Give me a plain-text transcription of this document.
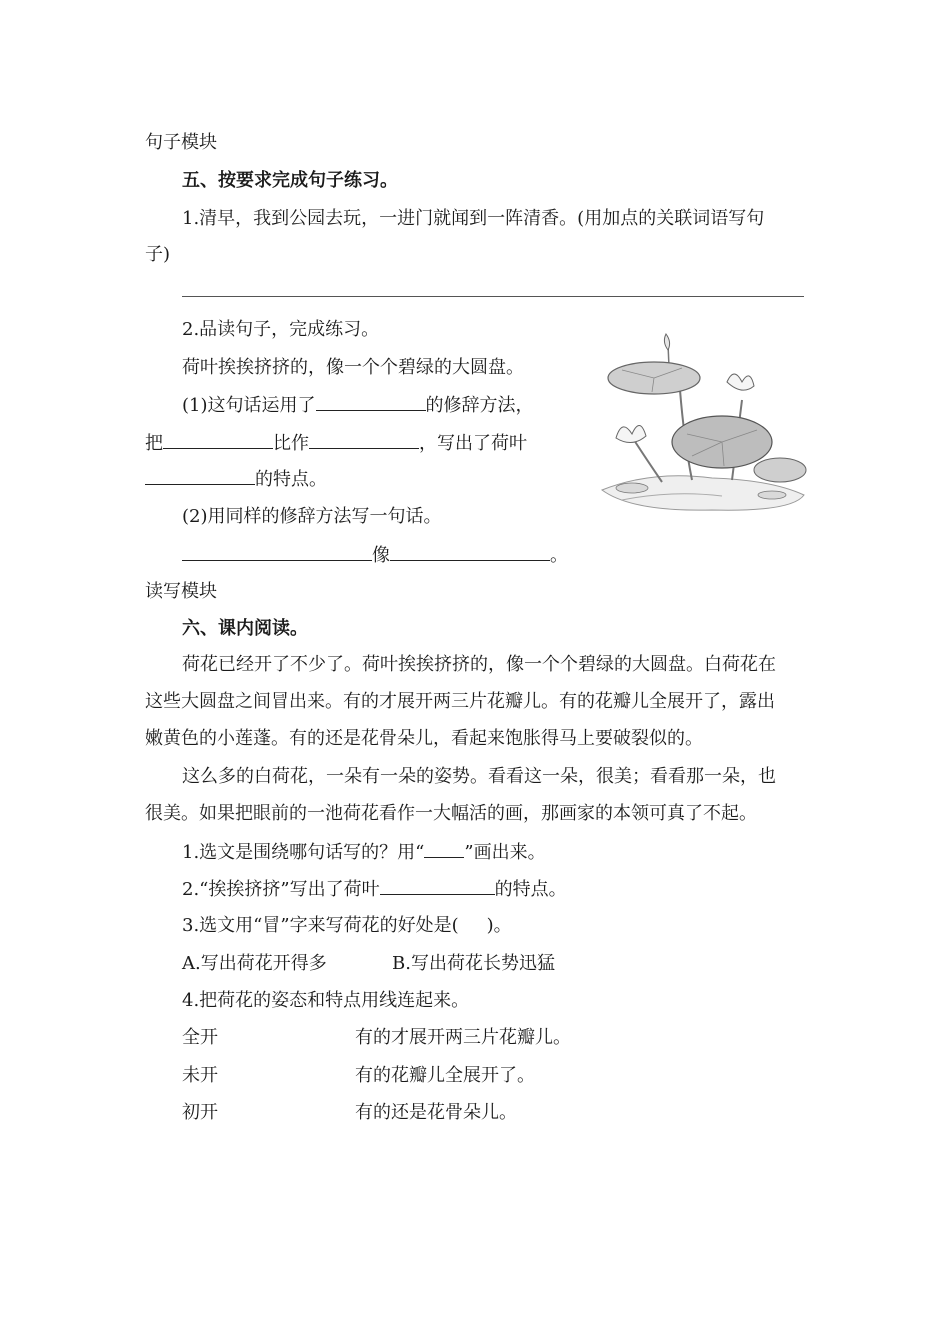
句子模块
五、按要求完成句子练习。
1.清早，我到公园去玩，一进门就闻到一阵清香。(用加点的关联词语写句
子)
2.品读句子，完成练习。
荷叶挨挨挤挤的，像一个个碧绿的大圆盘。
(1)这句话运用了	的修辞方法，
把	比作	，写出了荷叶
的特点。
(2)用同样的修辞方法写一句话。
像	。
读写模块
六、课内阅读。
荷花已经开了不少了。荷叶挨挨挤挤的，像一个个碧绿的大圆盘。白荷花在
这些大圆盘之间冒出来。有的才展开两三片花瓣儿。有的花瓣儿全展开了，露出
嫩黄色的小莲蓬。有的还是花骨朵儿，看起来饱胀得马上要破裂似的。
这么多的白荷花，一朵有一朵的姿势。看看这一朵，很美；看看那一朵，也
很美。如果把眼前的一池荷花看作一大幅活的画，那画家的本领可真了不起。
1.选文是围绕哪句话写的？用“ ”画出来。
2.“挨挨挤挤”写出了荷叶	的特点。
3.选文用“冒”字来写荷花的好处是( )。
A.写出荷花开得多	B.写出荷花长势迅猛
4.把荷花的姿态和特点用线连起来。
全开	有的才展开两三片花瓣儿。
未开	有的花瓣儿全展开了。
初开	有的还是花骨朵儿。
